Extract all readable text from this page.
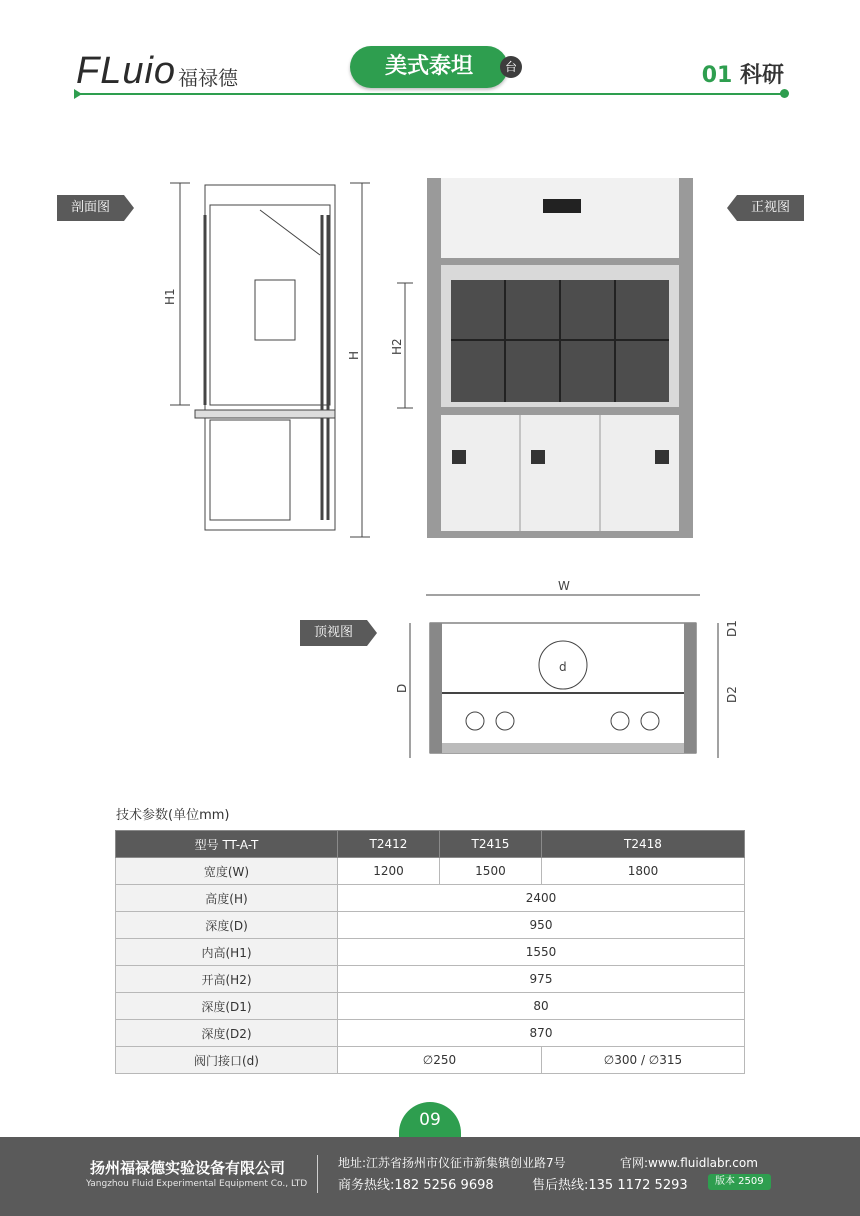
FLuio 福禄德	美式泰坦	台	01 科研
剖面图	正视图
顶视图
H1
H
H2
W
D
D1
D2
d
技术参数(单位mm)
型号 TT-A-T	T2412	T2415	T2418
宽度(W)	1200	1500	1800
高度(H)	2400		
深度(D)	950		
内高(H1)	1550		
开高(H2)	975		
深度(D1)	80		
深度(D2)	870		
阀门接口(d)	∅250		∅300 / ∅315
09
扬州福禄德实验设备有限公司
Yangzhou Fluid Experimental Equipment Co., LTD
地址:江苏省扬州市仪征市新集镇创业路7号	官网:www.fluidlabr.com
商务热线:182 5256 9698	售后热线:135 1172 5293	版本 2509
